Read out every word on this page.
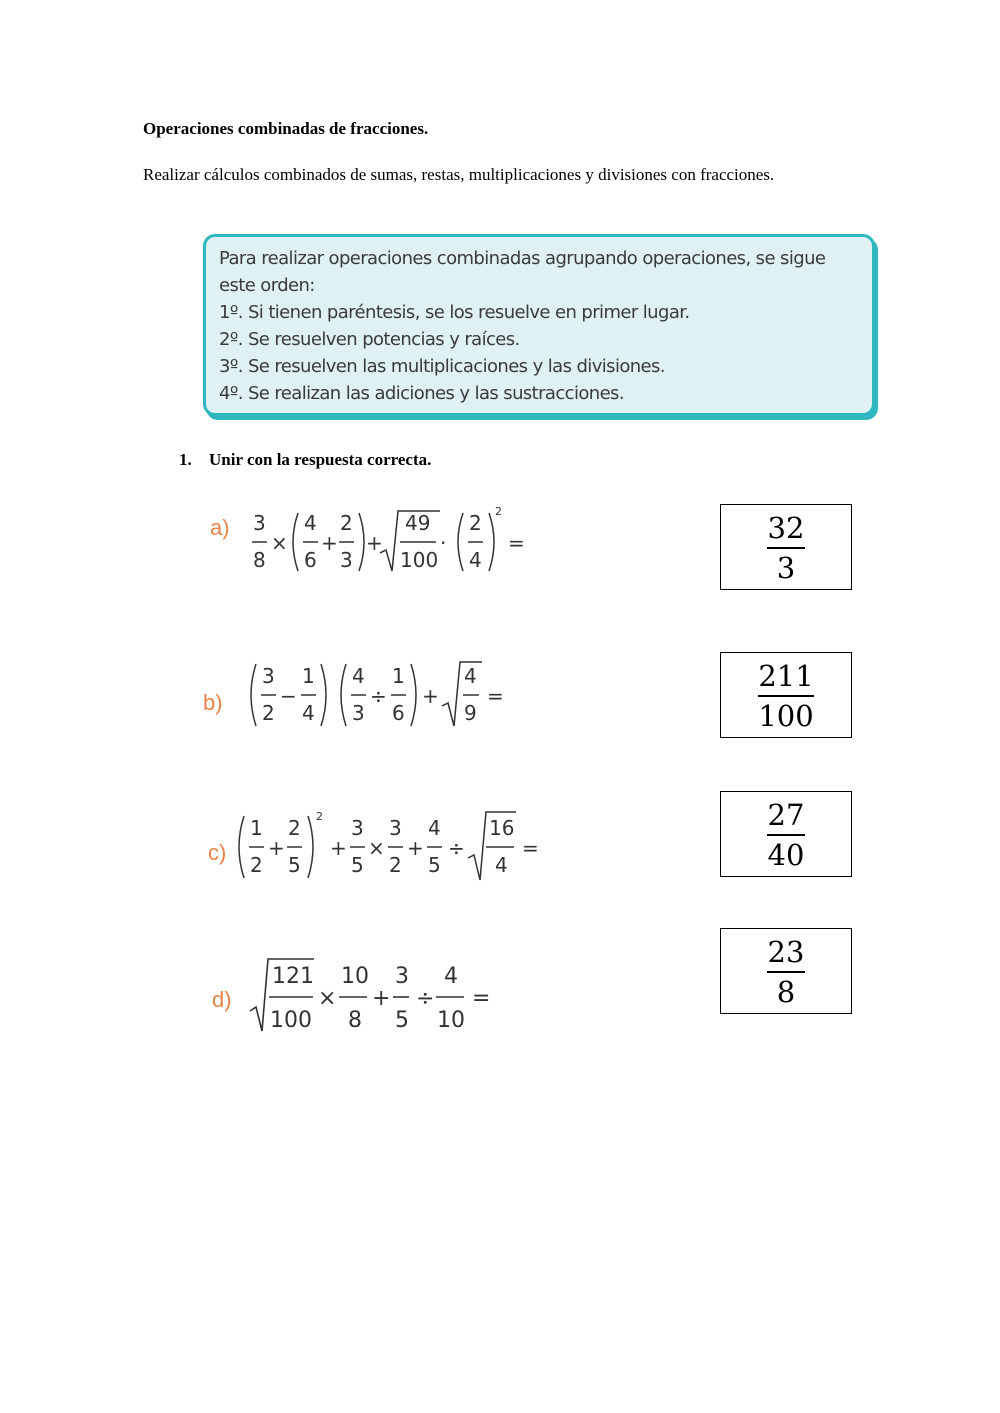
Operaciones combinadas de fracciones.
Realizar cálculos combinados de sumas, restas, multiplicaciones y divisiones con fracciones.
Para realizar operaciones combinadas agrupando operaciones, se sigue
este orden:
1º. Si tienen paréntesis, se los resuelve en primer lugar.
2º. Se resuelven potencias y raíces.
3º. Se resuelven las multiplicaciones y las divisiones.
4º. Se realizan las adiciones y las sustracciones.
1. Unir con la respuesta correcta.
a) 3
8
×
4
6
+
2
3
+
49
100
·
2
4
2
=
b)
3
2
−
1
4
4
3
÷
1
6
+
4
9
=
c)
1
2
+
2
5
2
+
3
5
×
3
2
+
4
5
÷
16
4
=
d)
121
100
×
10
8
+
3
5
÷
4
10
=
$\frac{32}{3}$
$\frac{211}{100}$
$\frac{27}{40}$
$\frac{23}{8}$
